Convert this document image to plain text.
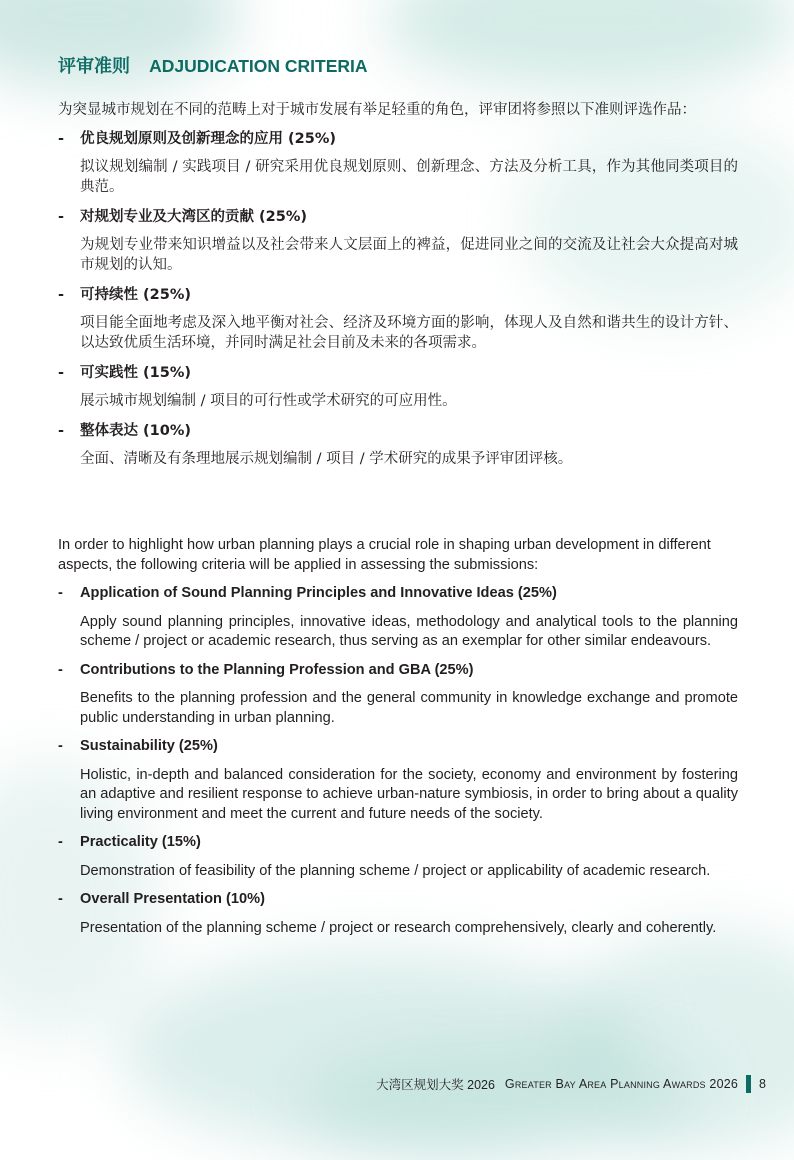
评审准则 ADJUDICATION CRITERIA

为突显城市规划在不同的范畴上对于城市发展有举足轻重的角色，评审团将参照以下准则评选作品：

- 优良规划原则及创新理念的应用 (25%)
拟议规划编制 / 实践项目 / 研究采用优良规划原则、创新理念、方法及分析工具，作为其他同类项目的典范。
- 对规划专业及大湾区的贡献 (25%)
为规划专业带来知识增益以及社会带来人文层面上的裨益，促进同业之间的交流及让社会大众提高对城市规划的认知。
- 可持续性 (25%)
项目能全面地考虑及深入地平衡对社会、经济及环境方面的影响，体现人及自然和谐共生的设计方针、以达致优质生活环境，并同时满足社会目前及未来的各项需求。
- 可实践性 (15%)
展示城市规划编制 / 项目的可行性或学术研究的可应用性。
- 整体表达 (10%)
全面、清晰及有条理地展示规划编制 / 项目 / 学术研究的成果予评审团评核。

In order to highlight how urban planning plays a crucial role in shaping urban development in different aspects, the following criteria will be applied in assessing the submissions:

- Application of Sound Planning Principles and Innovative Ideas (25%)
Apply sound planning principles, innovative ideas, methodology and analytical tools to the planning scheme / project or academic research, thus serving as an exemplar for other similar endeavours.
- Contributions to the Planning Profession and GBA (25%)
Benefits to the planning profession and the general community in knowledge exchange and promote public understanding in urban planning.
- Sustainability (25%)
Holistic, in-depth and balanced consideration for the society, economy and environment by fostering an adaptive and resilient response to achieve urban-nature symbiosis, in order to bring about a quality living environment and meet the current and future needs of the society.
- Practicality (15%)
Demonstration of feasibility of the planning scheme / project or applicability of academic research.
- Overall Presentation (10%)
Presentation of the planning scheme / project or research comprehensively, clearly and coherently.
大湾区规划大奖 2026 Greater Bay Area Planning Awards 2026 8
